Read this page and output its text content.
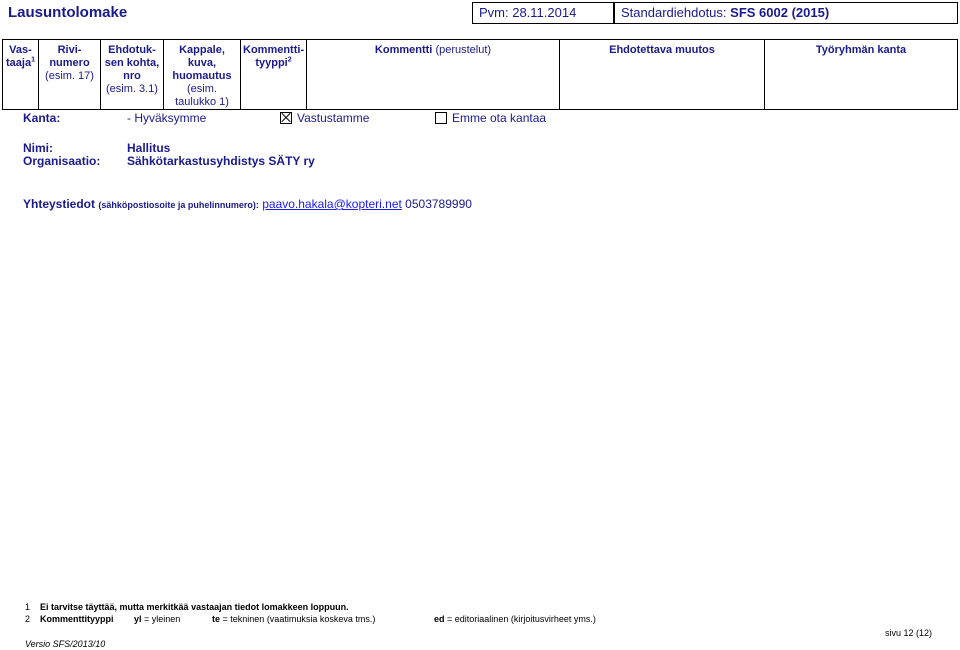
Lausuntolomake	Pvm: 28.11.2014	Standardiehdotus: SFS 6002 (2015)
Vas-
taaja$^1$	Rivi-
numero
(esim. 17)	Ehdotuk-
sen kohta,
nro
(esim. 3.1)	Kappale,
kuva,
huomautus
(esim.
taulukko 1)	Kommentti-
tyyppi$^2$	Kommentti (perustelut)	Ehdotettava muutos	Työryhmän kanta
Kanta:	- Hyväksymme	Vastustamme	Emme ota kantaa
Nimi:	Hallitus
Organisaatio:	Sähkötarkastusyhdistys SÄTY ry
Yhteystiedot (sähköpostiosoite ja puhelinnumero): paavo.hakala@kopteri.net 0503789990
1 Ei tarvitse täyttää, mutta merkitkää vastaajan tiedot lomakkeen loppuun.
2 Kommenttityyppi yl = yleinen	te = tekninen (vaatimuksia koskeva tms.)	ed = editoriaalinen (kirjoitusvirheet yms.)
Versio SFS/2013/10
sivu 12 (12)
